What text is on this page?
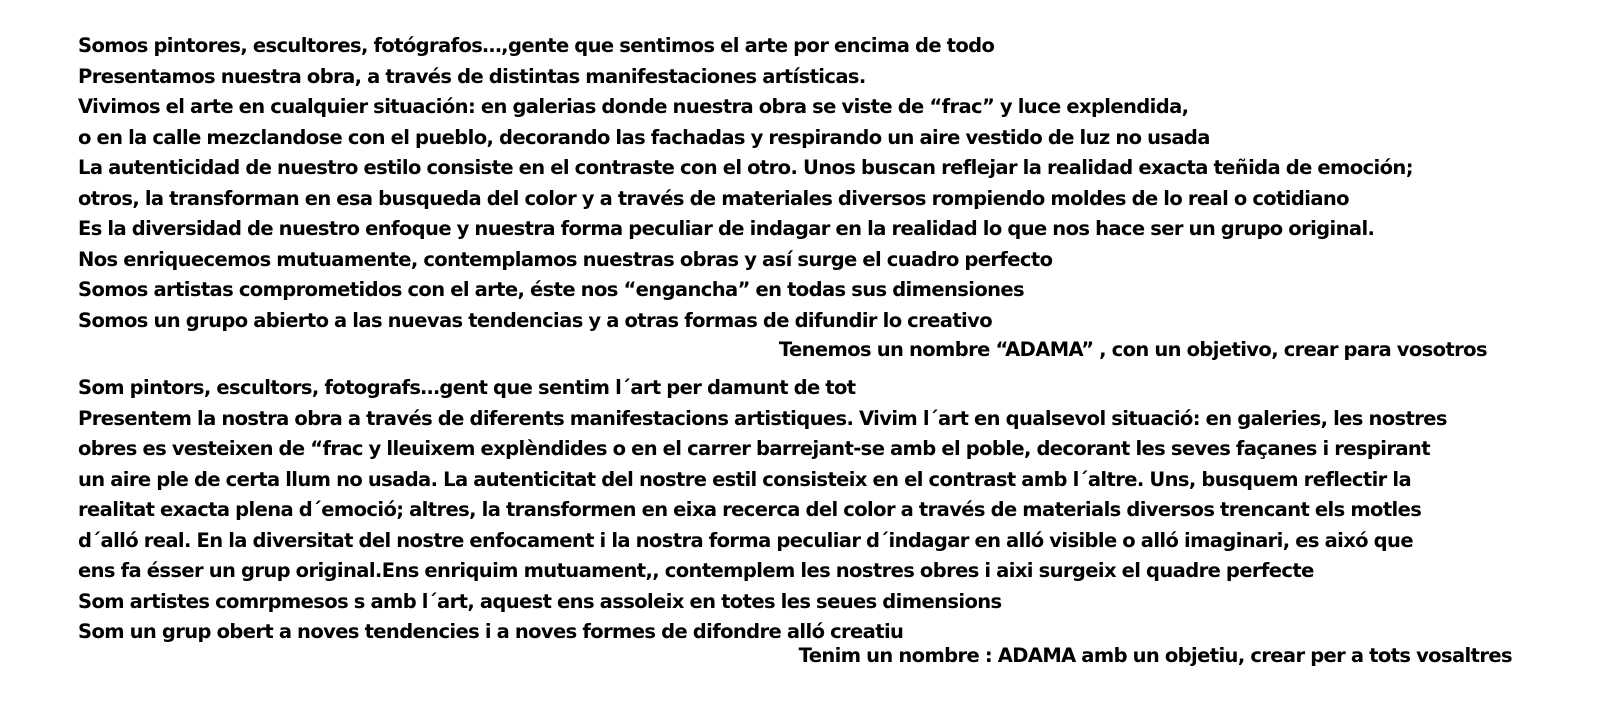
Somos pintores, escultores, fotógrafos…,gente que sentimos el arte por encima de todo
Presentamos nuestra obra, a través de distintas manifestaciones artísticas.
Vivimos el arte en cualquier situación: en galerias donde nuestra obra se viste de “frac” y luce explendida,
o en la calle mezclandose con el pueblo, decorando las fachadas y respirando un aire vestido de luz no usada
La autenticidad de nuestro estilo consiste en el contraste con el otro. Unos buscan reflejar la realidad exacta teñida de emoción;
otros, la transforman en esa busqueda del color y a través de materiales diversos rompiendo moldes de lo real o cotidiano
Es la diversidad de nuestro enfoque y nuestra forma peculiar de indagar en la realidad lo que nos hace ser un grupo original.
Nos enriquecemos mutuamente, contemplamos nuestras obras y así surge el cuadro perfecto
Somos artistas comprometidos con el arte, éste nos “engancha” en todas sus dimensiones
Somos un grupo abierto a las nuevas tendencias y a otras formas de difundir lo creativo
Tenemos un nombre “ADAMA” , con un objetivo, crear para vosotros
Som pintors, escultors, fotografs…gent que sentim l´art per damunt de tot
Presentem la nostra obra a través de diferents manifestacions artistiques. Vivim l´art en qualsevol situació: en galeries, les nostres
obres es vesteixen de “frac y lleuixem explèndides o en el carrer barrejant-se amb el poble, decorant les seves façanes i respirant
un aire ple de certa llum no usada. La autenticitat del nostre estil consisteix en el contrast amb l´altre. Uns, busquem reflectir la
realitat exacta plena d´emoció; altres, la transformen en eixa recerca del color a través de materials diversos trencant els motles
d´alló real. En la diversitat del nostre enfocament i la nostra forma peculiar d´indagar en alló visible o alló imaginari, es aixó que
ens fa ésser un grup original.Ens enriquim mutuament,, contemplem les nostres obres i aixi surgeix el quadre perfecte
Som artistes comrpmesos s amb l´art, aquest ens assoleix en totes les seues dimensions
Som un grup obert a noves tendencies i a noves formes de difondre alló creatiu
Tenim un nombre : ADAMA amb un objetiu, crear per a tots vosaltres
